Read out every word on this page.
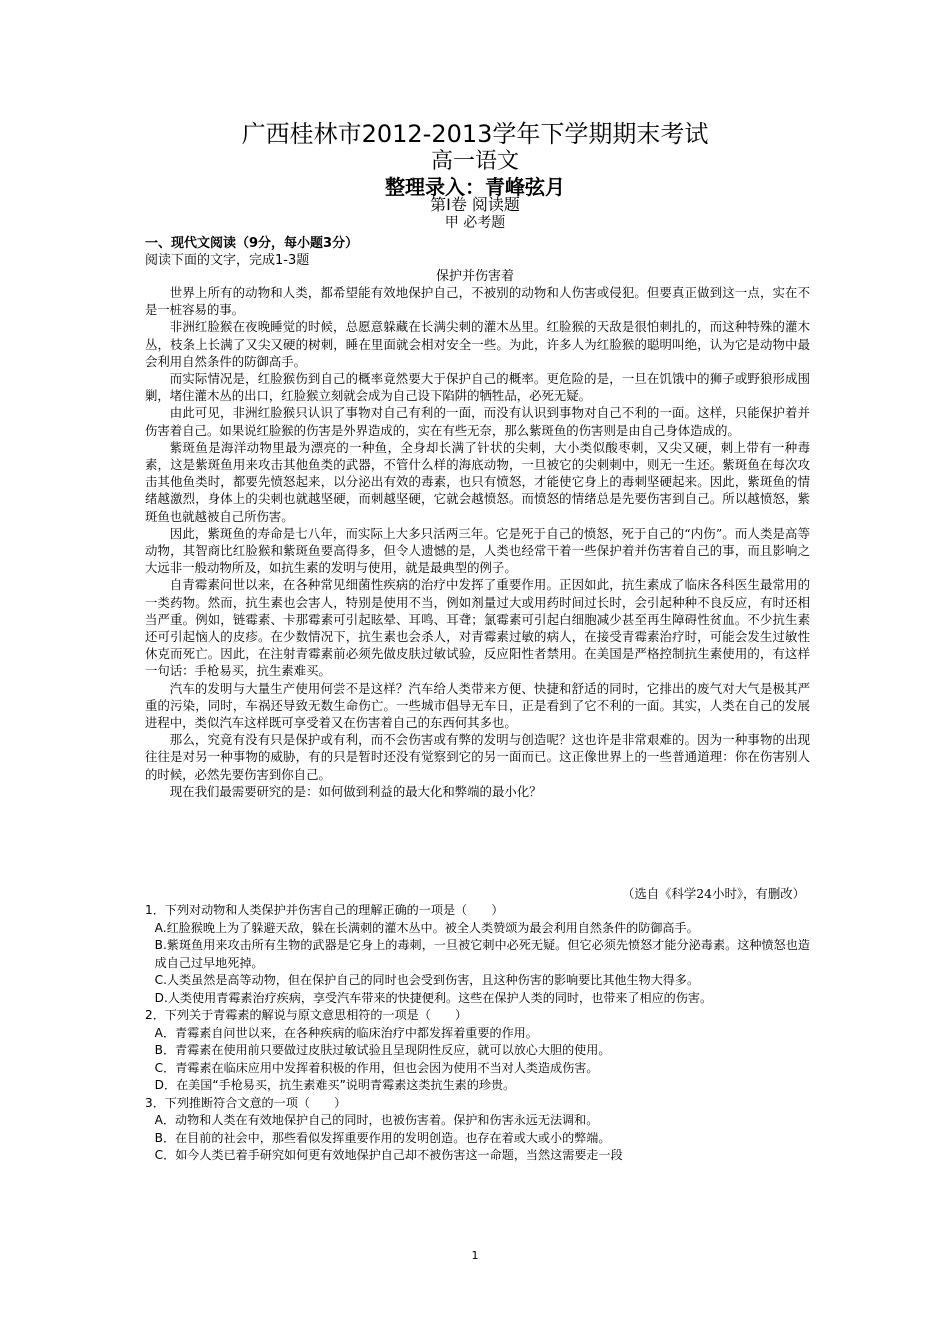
广西桂林市2012-2013学年下学期期末考试
高一语文
整理录入：青峰弦月
第Ⅰ卷 阅读题
甲 必考题
一、现代文阅读（9分，每小题3分）
阅读下面的文字，完成1-3题
保护并伤害着

世界上所有的动物和人类，都希望能有效地保护自己，不被别的动物和人伤害或侵犯。但要真正做到这一点，实在不是一桩容易的事。

非洲红脸猴在夜晚睡觉的时候，总愿意躲藏在长满尖刺的灌木丛里。红脸猴的天敌是很怕刺扎的，而这种特殊的灌木丛，枝条上长满了又尖又硬的树刺，睡在里面就会相对安全一些。为此，许多人为红脸猴的聪明叫绝，认为它是动物中最会利用自然条件的防御高手。

而实际情况是，红脸猴伤到自己的概率竟然要大于保护自己的概率。更危险的是，一旦在饥饿中的狮子或野狼形成围剿，堵住灌木丛的出口，红脸猴立刻就会成为自己设下陷阱的牺牲品，必死无疑。

由此可见，非洲红脸猴只认识了事物对自己有利的一面，而没有认识到事物对自己不利的一面。这样，只能保护着并伤害着自己。如果说红脸猴的伤害是外界造成的，实在有些无奈，那么紫斑鱼的伤害则是由自己身体造成的。

紫斑鱼是海洋动物里最为漂亮的一种鱼，全身却长满了针状的尖刺，大小类似酸枣刺，又尖又硬，刺上带有一种毒素，这是紫斑鱼用来攻击其他鱼类的武器，不管什么样的海底动物，一旦被它的尖刺刺中，则无一生还。紫斑鱼在每次攻击其他鱼类时，都要先愤怒起来，以分泌出有效的毒素，也只有愤怒，才能使它身上的毒刺坚硬起来。因此，紫斑鱼的情绪越激烈，身体上的尖刺也就越坚硬，而刺越坚硬，它就会越愤怒。而愤怒的情绪总是先要伤害到自己。所以越愤怒，紫斑鱼也就越被自己所伤害。

因此，紫斑鱼的寿命是七八年，而实际上大多只活两三年。它是死于自己的愤怒，死于自己的“内伤”。而人类是高等动物，其智商比红脸猴和紫斑鱼要高得多，但令人遗憾的是，人类也经常干着一些保护着并伤害着自己的事，而且影响之大远非一般动物所及，如抗生素的发明与使用，就是最典型的例子。

自青霉素问世以来，在各种常见细菌性疾病的治疗中发挥了重要作用。正因如此，抗生素成了临床各科医生最常用的一类药物。然而，抗生素也会害人，特别是使用不当，例如剂量过大或用药时间过长时，会引起种种不良反应，有时还相当严重。例如，链霉素、卡那霉素可引起眩晕、耳鸣、耳聋；氯霉素可引起白细胞减少甚至再生障碍性贫血。不少抗生素还可引起恼人的皮疹。在少数情况下，抗生素也会杀人，对青霉素过敏的病人，在接受青霉素治疗时，可能会发生过敏性休克而死亡。因此，在注射青霉素前必须先做皮肤过敏试验，反应阳性者禁用。在美国是严格控制抗生素使用的，有这样一句话：手枪易买，抗生素难买。

汽车的发明与大量生产使用何尝不是这样？汽车给人类带来方便、快捷和舒适的同时，它排出的废气对大气是极其严重的污染，同时，车祸还导致无数生命伤亡。一些城市倡导无车日，正是看到了它不利的一面。其实，人类在自己的发展进程中，类似汽车这样既可享受着又在伤害着自己的东西何其多也。

那么，究竟有没有只是保护或有利，而不会伤害或有弊的发明与创造呢？这也许是非常艰难的。因为一种事物的出现往往是对另一种事物的威胁，有的只是暂时还没有觉察到它的另一面而已。这正像世界上的一些普通道理：你在伤害别人的时候，必然先要伤害到你自己。

现在我们最需要研究的是：如何做到利益的最大化和弊端的最小化？

（选自《科学24小时》，有删改）

1．下列对动物和人类保护并伤害自己的理解正确的一项是（　　）

A.红脸猴晚上为了躲避天敌，躲在长满刺的灌木丛中。被全人类赞颂为最会利用自然条件的防御高手。

B.紫斑鱼用来攻击所有生物的武器是它身上的毒刺，一旦被它刺中必死无疑。但它必须先愤怒才能分泌毒素。这种愤怒也造成自己过早地死掉。

C.人类虽然是高等动物，但在保护自己的同时也会受到伤害，且这种伤害的影响要比其他生物大得多。

D.人类使用青霉素治疗疾病，享受汽车带来的快捷便利。这些在保护人类的同时，也带来了相应的伤害。

2．下列关于青霉素的解说与原文意思相符的一项是（　　）

A．青霉素自问世以来，在各种疾病的临床治疗中都发挥着重要的作用。

B．青霉素在使用前只要做过皮肤过敏试验且呈现阴性反应，就可以放心大胆的使用。

C．青霉素在临床应用中发挥着积极的作用，但也会因为使用不当对人类造成伤害。

D．在美国“手枪易买，抗生素难买”说明青霉素这类抗生素的珍贵。

3．下列推断符合文意的一项（　　）

A．动物和人类在有效地保护自己的同时，也被伤害着。保护和伤害永远无法调和。

B．在目前的社会中，那些看似发挥重要作用的发明创造。也存在着或大或小的弊端。

C．如今人类已着手研究如何更有效地保护自己却不被伤害这一命题，当然这需要走一段

1
